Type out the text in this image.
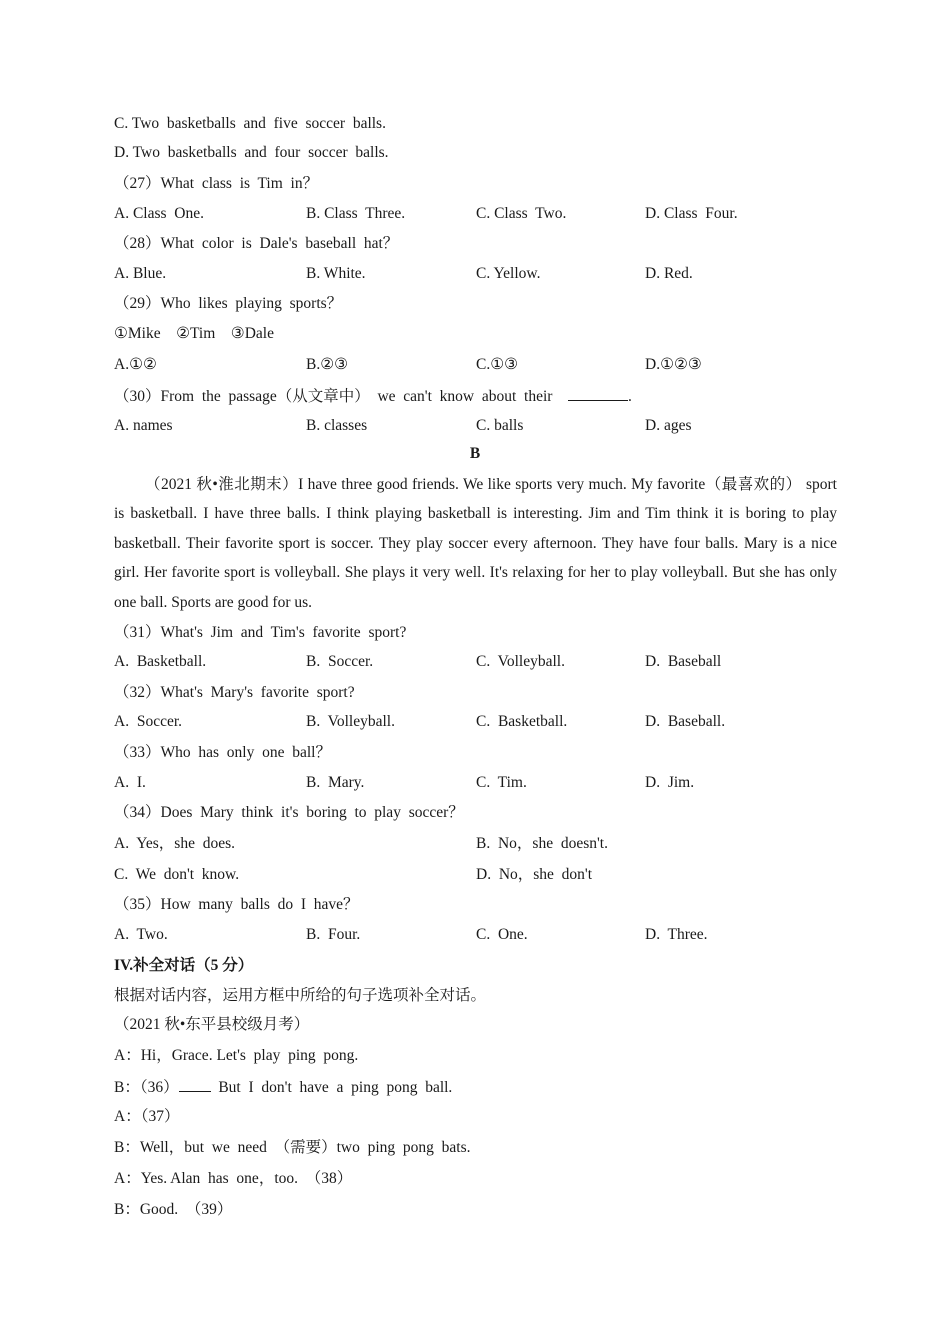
C. Two  basketballs  and  five  soccer  balls.
D. Two  basketballs  and  four  soccer  balls.
（27）What  class  is  Tim  in？
A. Class  One.	B. Class  Three.	C. Class  Two.	D. Class  Four.
（28）What  color  is  Dale's  baseball  hat？
A. Blue.	B. White.	C. Yellow.	D. Red.
（29）Who  likes  playing  sports？
①Mike    ②Tim    ③Dale
A.①②	B.②③	C.①③	D.①②③
（30）From  the  passage（从文章中）  we  can't  know  about  their	.
A. names	B. classes	C. balls	D. ages
B
（2021 秋•淮北期末）I have three good friends. We like sports very much. My favorite（最喜欢的） sport is basketball. I have three balls. I think playing basketball is interesting. Jim and Tim think it is boring to play basketball. Their favorite sport is soccer. They play soccer every afternoon. They have four balls. Mary is a nice girl. Her favorite sport is volleyball. She plays it very well. It's relaxing for her to play volleyball. But she has only one ball. Sports are good for us.
（31）What's  Jim  and  Tim's  favorite  sport?
A.  Basketball.	B.  Soccer.	C.  Volleyball.	D.  Baseball
（32）What's  Mary's  favorite  sport?
A.  Soccer.	B.  Volleyball.	C.  Basketball.	D.  Baseball.
（33）Who  has  only  one  ball？
A.  I.	B.  Mary.	C.  Tim.	D.  Jim.
（34）Does  Mary  think  it's  boring  to  play  soccer？
A.  Yes，she  does.	B.  No，she  doesn't.
C.  We  don't  know.	D.  No，she  don't
（35）How  many  balls  do  I  have？
A.  Two.	B.  Four.	C.  One.	D.  Three.
IV.补全对话（5 分）
根据对话内容，运用方框中所给的句子选项补全对话。
（2021 秋•东平县校级月考）
A：Hi，Grace. Let's  play  ping  pong.
B：（36）  But  I  don't  have  a  ping  pong  ball.
A：（37）
B：Well，but  we  need  （需要）two  ping  pong  bats.
A：Yes. Alan  has  one，too.  （38）
B：Good.  （39）
